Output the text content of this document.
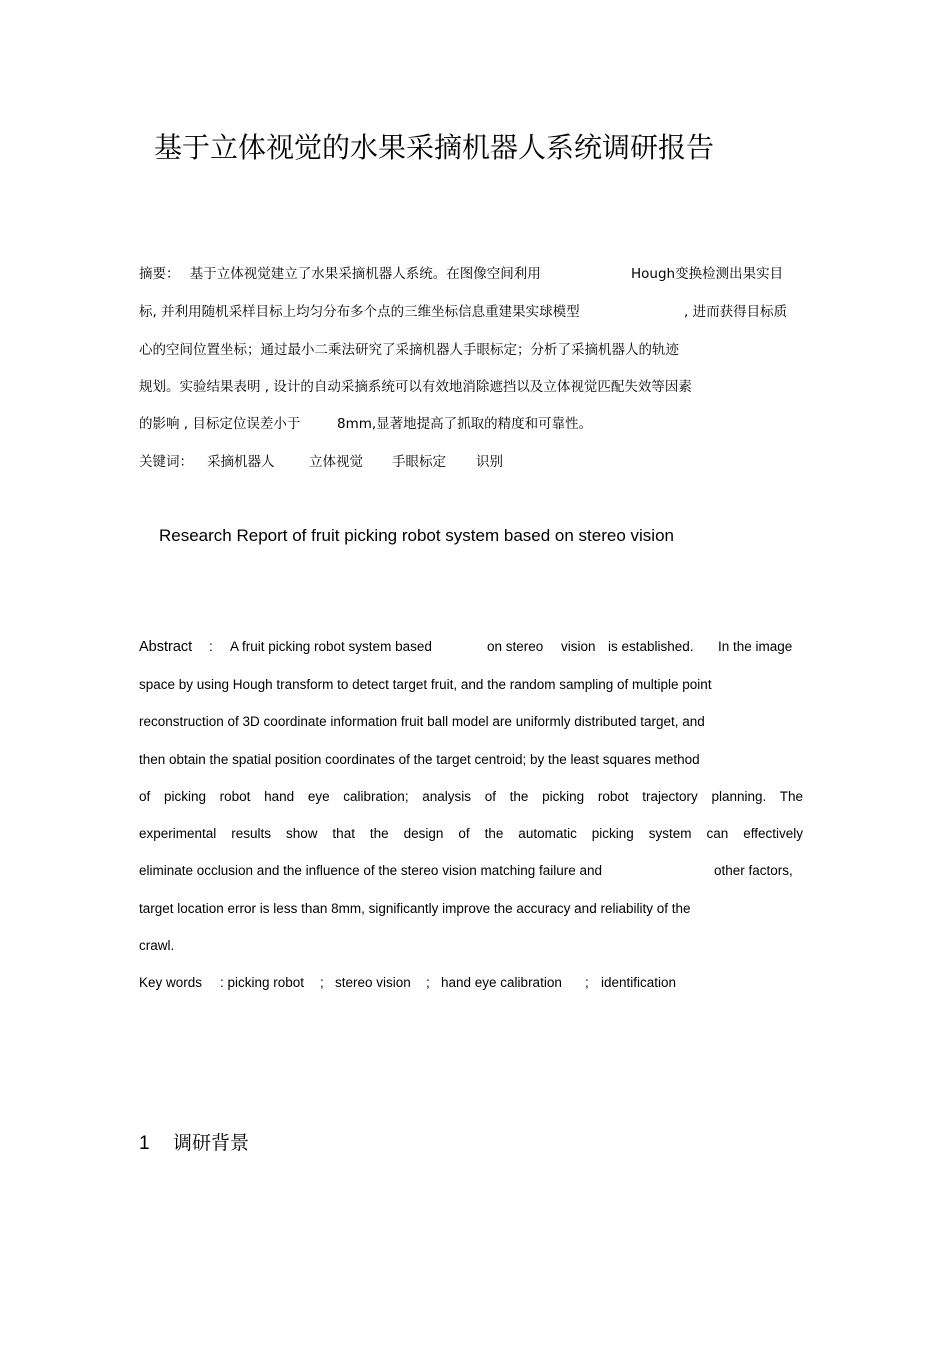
基于立体视觉的水果采摘机器人系统调研报告
摘要： 基于立体视觉建立了水果采摘机器人系统。在图像空间利用	Hough变换检测出果实目
标, 并利用随机采样目标上均匀分布多个点的三维坐标信息重建果实球模型	, 进而获得目标质
心的空间位置坐标；通过最小二乘法研究了采摘机器人手眼标定；分析了采摘机器人的轨迹
规划。实验结果表明 , 设计的自动采摘系统可以有效地消除遮挡以及立体视觉匹配失效等因素
的影响 , 目标定位误差小于	8mm,显著地提高了抓取的精度和可靠性。
关键词： 采摘机器人	立体视觉 手眼标定 识别
Research Report of fruit picking robot system based on stereo vision
Abstract : A fruit picking robot system based	on stereo vision is established. In the image
space by using Hough transform to detect target fruit, and the random sampling of multiple point
reconstruction of 3D coordinate information fruit ball model are uniformly distributed target, and
then obtain the spatial position coordinates of the target centroid; by the least squares method
of picking robot hand eye calibration; analysis of the picking robot trajectory planning. The
experimental results show that the design of the automatic picking system can effectively
eliminate occlusion and the influence of the stereo vision matching failure and	other factors,
target location error is less than 8mm, significantly improve the accuracy and reliability of the
crawl.
Key words : picking robot ; stereo vision ; hand eye calibration ; identification
1 调研背景
